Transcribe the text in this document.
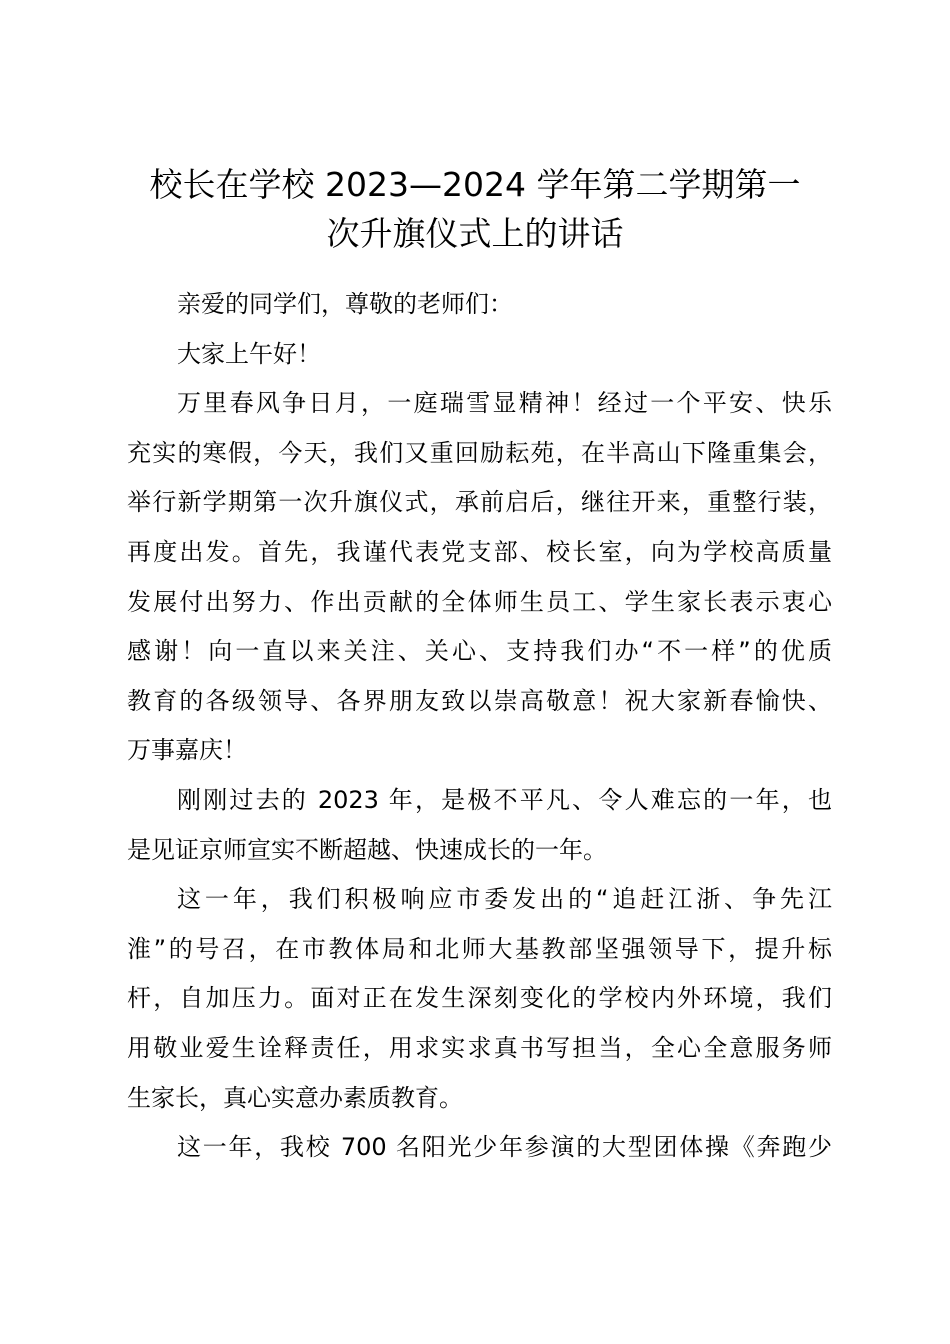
校长在学校 2023—2024 学年第二学期第一
次升旗仪式上的讲话

亲爱的同学们，尊敬的老师们：

大家上午好！

万里春风争日月，一庭瑞雪显精神！经过一个平安、快乐
充实的寒假，今天，我们又重回励耘苑，在半高山下隆重集会，
举行新学期第一次升旗仪式，承前启后，继往开来，重整行装，
再度出发。首先，我谨代表党支部、校长室，向为学校高质量
发展付出努力、作出贡献的全体师生员工、学生家长表示衷心
感谢！向一直以来关注、关心、支持我们办“不一样”的优质
教育的各级领导、各界朋友致以崇高敬意！祝大家新春愉快、
万事嘉庆！

刚刚过去的 2023 年，是极不平凡、令人难忘的一年，也
是见证京师宣实不断超越、快速成长的一年。

这一年，我们积极响应市委发出的“追赶江浙、争先江
淮”的号召，在市教体局和北师大基教部坚强领导下，提升标
杆，自加压力。面对正在发生深刻变化的学校内外环境，我们
用敬业爱生诠释责任，用求实求真书写担当，全心全意服务师
生家长，真心实意办素质教育。

这一年，我校 700 名阳光少年参演的大型团体操《奔跑少
